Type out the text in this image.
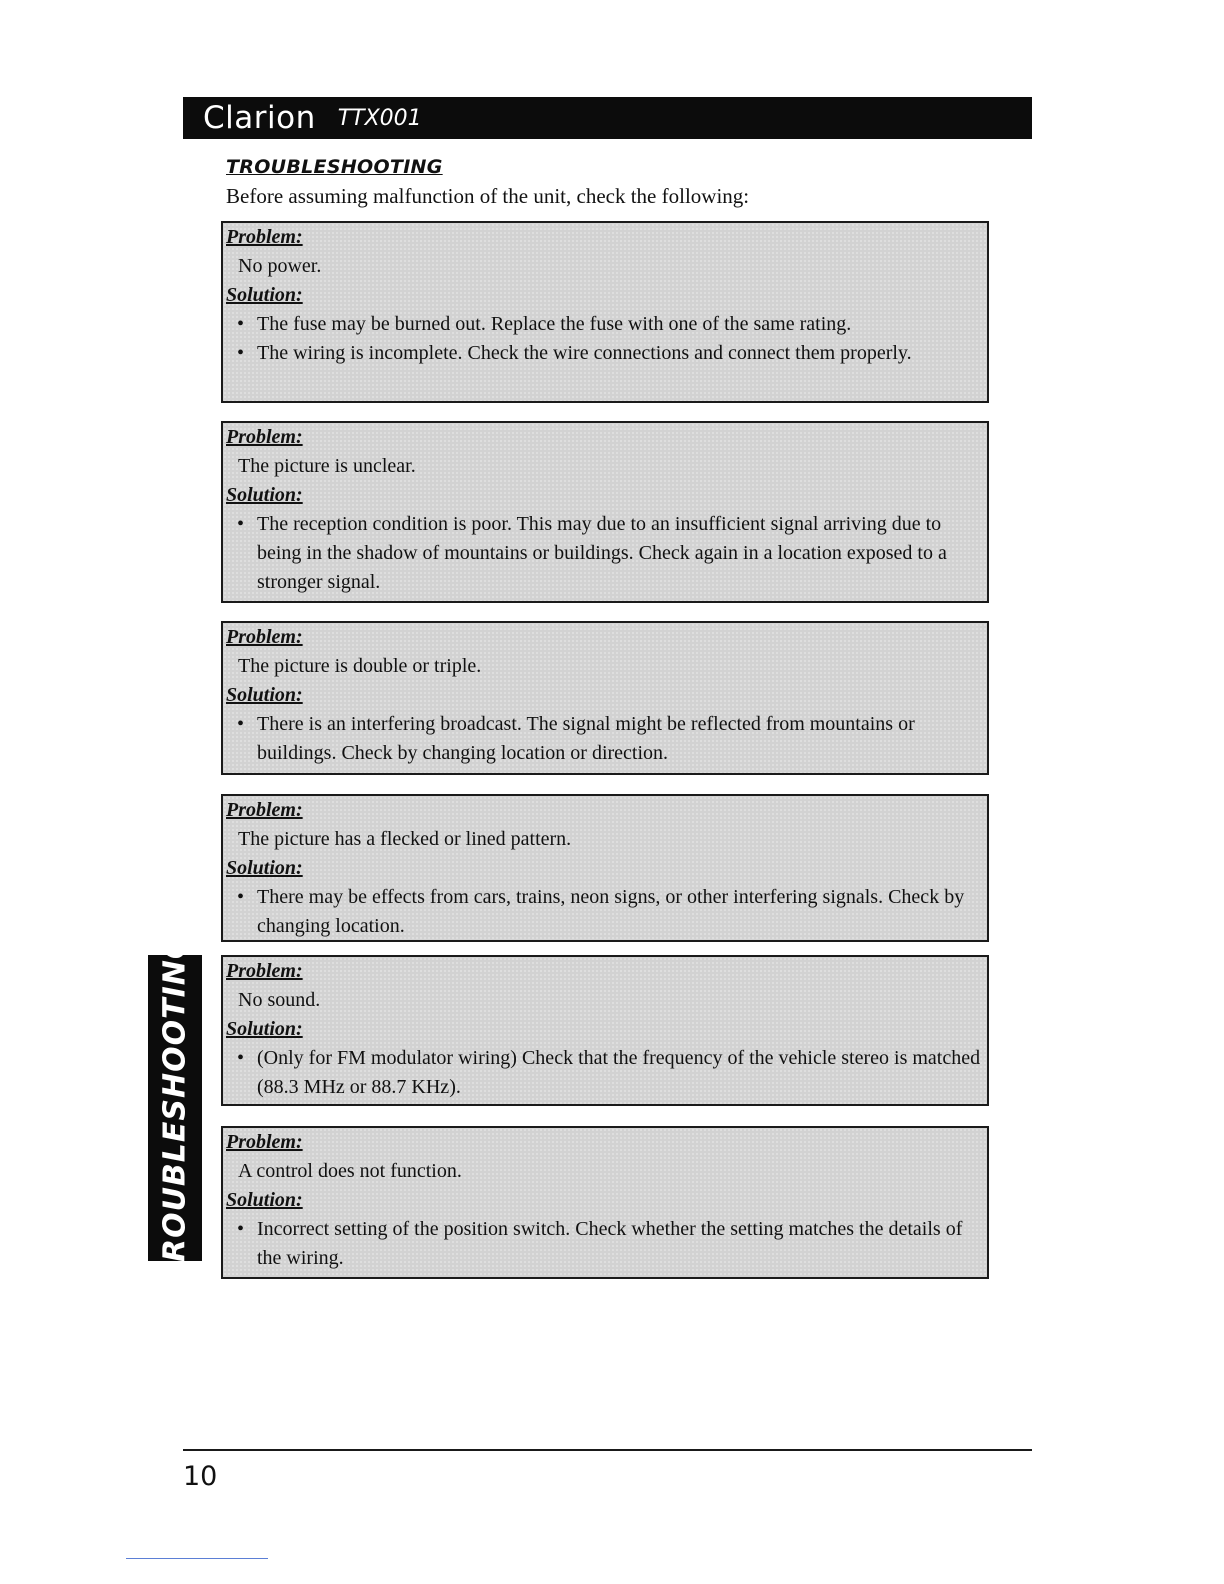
Clarion TTX001
TROUBLESHOOTING
Before assuming malfunction of the unit, check the following:
Problem:
No power.
Solution:
• The fuse may be burned out. Replace the fuse with one of the same rating.
• The wiring is incomplete. Check the wire connections and connect them properly.
Problem:
The picture is unclear.
Solution:
• The reception condition is poor. This may due to an insufficient signal arriving due to being in the shadow of mountains or buildings. Check again in a location exposed to a stronger signal.
Problem:
The picture is double or triple.
Solution:
• There is an interfering broadcast. The signal might be reflected from mountains or buildings. Check by changing location or direction.
Problem:
The picture has a flecked or lined pattern.
Solution:
• There may be effects from cars, trains, neon signs, or other interfering signals. Check by changing location.
Problem:
No sound.
Solution:
• (Only for FM modulator wiring) Check that the frequency of the vehicle stereo is matched (88.3 MHz or 88.7 KHz).
Problem:
A control does not function.
Solution:
• Incorrect setting of the position switch. Check whether the setting matches the details of the wiring.
TROUBLESHOOTING
10
